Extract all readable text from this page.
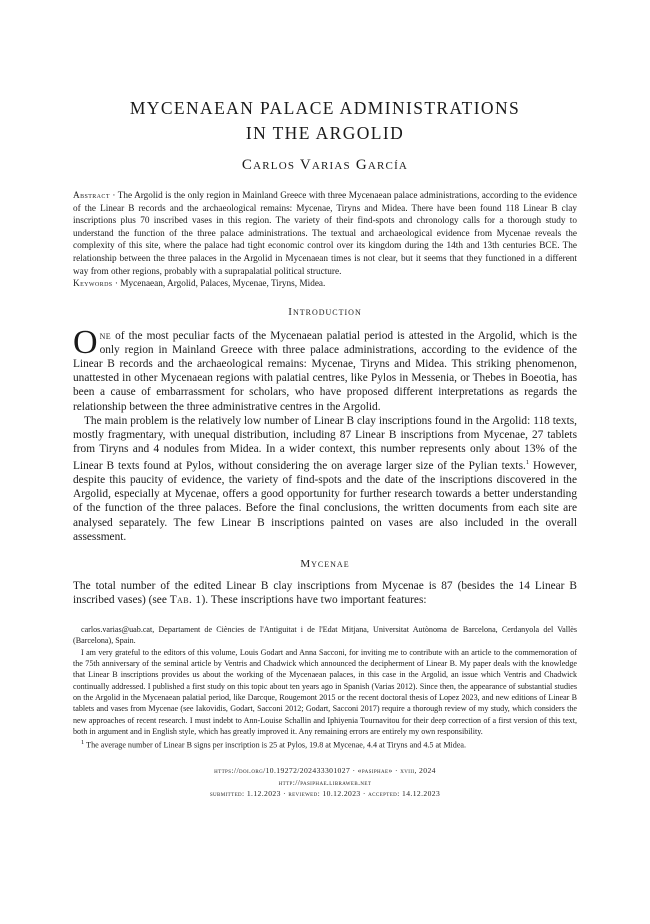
MYCENAEAN PALACE ADMINISTRATIONS
IN THE ARGOLID
Carlos Varias García
Abstract · The Argolid is the only region in Mainland Greece with three Mycenaean palace administrations, according to the evidence of the Linear B records and the archaeological remains: Mycenae, Tiryns and Midea. There have been found 118 Linear B clay inscriptions plus 70 inscribed vases in this region. The variety of their find-spots and chronology calls for a thorough study to understand the function of the three palace administrations. The textual and archaeological evidence from Mycenae reveals the complexity of this site, where the palace had tight economic control over its kingdom during the 14th and 13th centuries BCE. The relationship between the three palaces in the Argolid in Mycenaean times is not clear, but it seems that they functioned in a different way from other regions, probably with a suprapalatial political structure.
Keywords · Mycenaean, Argolid, Palaces, Mycenae, Tiryns, Midea.
Introduction

One of the most peculiar facts of the Mycenaean palatial period is attested in the Argolid, which is the only region in Mainland Greece with three palace administrations, according to the evidence of the Linear B records and the archaeological remains: Mycenae, Tiryns and Midea. This striking phenomenon, unattested in other Mycenaean regions with palatial centres, like Pylos in Messenia, or Thebes in Boeotia, has been a cause of embarrassment for scholars, who have proposed different interpretations as regards the relationship between the three administrative centres in the Argolid.

The main problem is the relatively low number of Linear B clay inscriptions found in the Argolid: 118 texts, mostly fragmentary, with unequal distribution, including 87 Linear B inscriptions from Mycenae, 27 tablets from Tiryns and 4 nodules from Midea. In a wider context, this number represents only about 13% of the Linear B texts found at Pylos, without considering the on average larger size of the Pylian texts.$^1$ However, despite this paucity of evidence, the variety of find-spots and the date of the inscriptions discovered in the Argolid, especially at Mycenae, offers a good opportunity for further research towards a better understanding of the function of the three palaces. Before the final conclusions, the written documents from each site are analysed separately. The few Linear B inscriptions painted on vases are also included in the overall assessment.

Mycenae

The total number of the edited Linear B clay inscriptions from Mycenae is 87 (besides the 14 Linear B inscribed vases) (see Tab. 1). These inscriptions have two important features:

carlos.varias@uab.cat, Departament de Ciències de l'Antiguitat i de l'Edat Mitjana, Universitat Autònoma de Barcelona, Cerdanyola del Vallès (Barcelona), Spain.

I am very grateful to the editors of this volume, Louis Godart and Anna Sacconi, for inviting me to contribute with an article to the commemoration of the 75th anniversary of the seminal article by Ventris and Chadwick which announced the decipherment of Linear B. My paper deals with the knowledge that Linear B inscriptions provides us about the working of the Mycenaean palaces, in this case in the Argolid, an issue which Ventris and Chadwick continually addressed. I published a first study on this topic about ten years ago in Spanish (Varias 2012). Since then, the appearance of substantial studies on the Argolid in the Mycenaean palatial period, like Darcque, Rougemont 2015 or the recent doctoral thesis of Lopez 2023, and new editions of Linear B tablets and vases from Mycenae (see Iakovidis, Godart, Sacconi 2012; Godart, Sacconi 2017) require a thorough review of my study, which considers the new approaches of recent research. I must indebt to Ann-Louise Schallin and Iphiyenia Tournavitou for their deep correction of a first version of this text, both in argument and in English style, which has greatly improved it. Any remaining errors are entirely my own responsibility.

$^1$ The average number of Linear B signs per inscription is 25 at Pylos, 19.8 at Mycenae, 4.4 at Tiryns and 4.5 at Midea.

https://doi.org/10.19272/202433301027 · «pasiphae» · xviii, 2024
http://pasiphae.libraweb.net
submitted: 1.12.2023 · reviewed: 10.12.2023 · accepted: 14.12.2023
